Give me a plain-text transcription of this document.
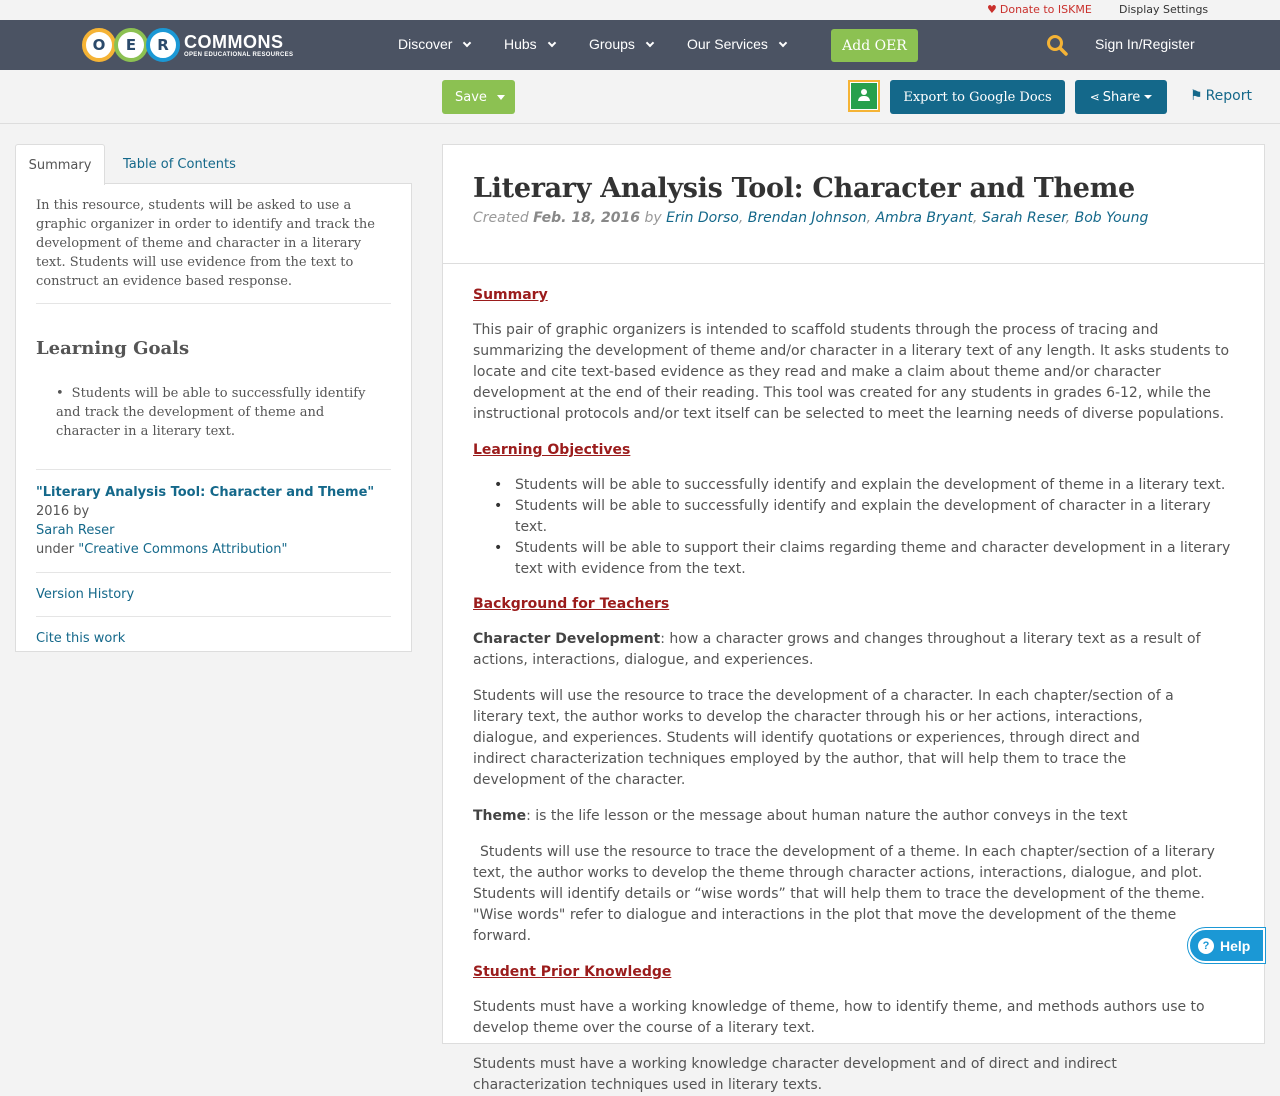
♥ Donate to ISKME Display Settings
O	E	R COMMONS
OPEN EDUCATIONAL RESOURCES
Discover	Hubs	Groups	Our Services	Add OER	Sign In/Register
Save	Export to Google Docs	⋖ Share	⚑ Report
Summary	Table of Contents

In this resource, students will be asked to use a graphic organizer in order to identify and track the development of theme and character in a literary text. Students will use evidence from the text to construct an evidence based response.

Learning Goals
• Students will be able to successfully identify and track the development of theme and character in a literary text.
"Literary Analysis Tool: Character and Theme" 2016 by
Sarah Reser
under "Creative Commons Attribution"
Version History
Cite this work
Literary Analysis Tool: Character and Theme
Created Feb. 18, 2016 by Erin Dorso, Brendan Johnson, Ambra Bryant, Sarah Reser, Bob Young
Summary

This pair of graphic organizers is intended to scaffold students through the process of tracing and summarizing the development of theme and/or character in a literary text of any length. It asks students to locate and cite text-based evidence as they read and make a claim about theme and/or character development at the end of their reading. This tool was created for any students in grades 6-12, while the instructional protocols and/or text itself can be selected to meet the learning needs of diverse populations.

Learning Objectives
• Students will be able to successfully identify and explain the development of theme in a literary text.
• Students will be able to successfully identify and explain the development of character in a literary text.
• Students will be able to support their claims regarding theme and character development in a literary text with evidence from the text.
Background for Teachers

Character Development: how a character grows and changes throughout a literary text as a result of actions, interactions, dialogue, and experiences.

Students will use the resource to trace the development of a character. In each chapter/section of a literary text, the author works to develop the character through his or her actions, interactions, dialogue, and experiences. Students will identify quotations or experiences, through direct and indirect characterization techniques employed by the author, that will help them to trace the development of the character.

Theme: is the life lesson or the message about human nature the author conveys in the text

Students will use the resource to trace the development of a theme. In each chapter/section of a literary text, the author works to develop the theme through character actions, interactions, dialogue, and plot. Students will identify details or “wise words” that will help them to trace the development of the theme. "Wise words" refer to dialogue and interactions in the plot that move the development of the theme forward.

Student Prior Knowledge

Students must have a working knowledge of theme, how to identify theme, and methods authors use to develop theme over the course of a literary text.

Students must have a working knowledge character development and of direct and indirect characterization techniques used in literary texts.

? Help
